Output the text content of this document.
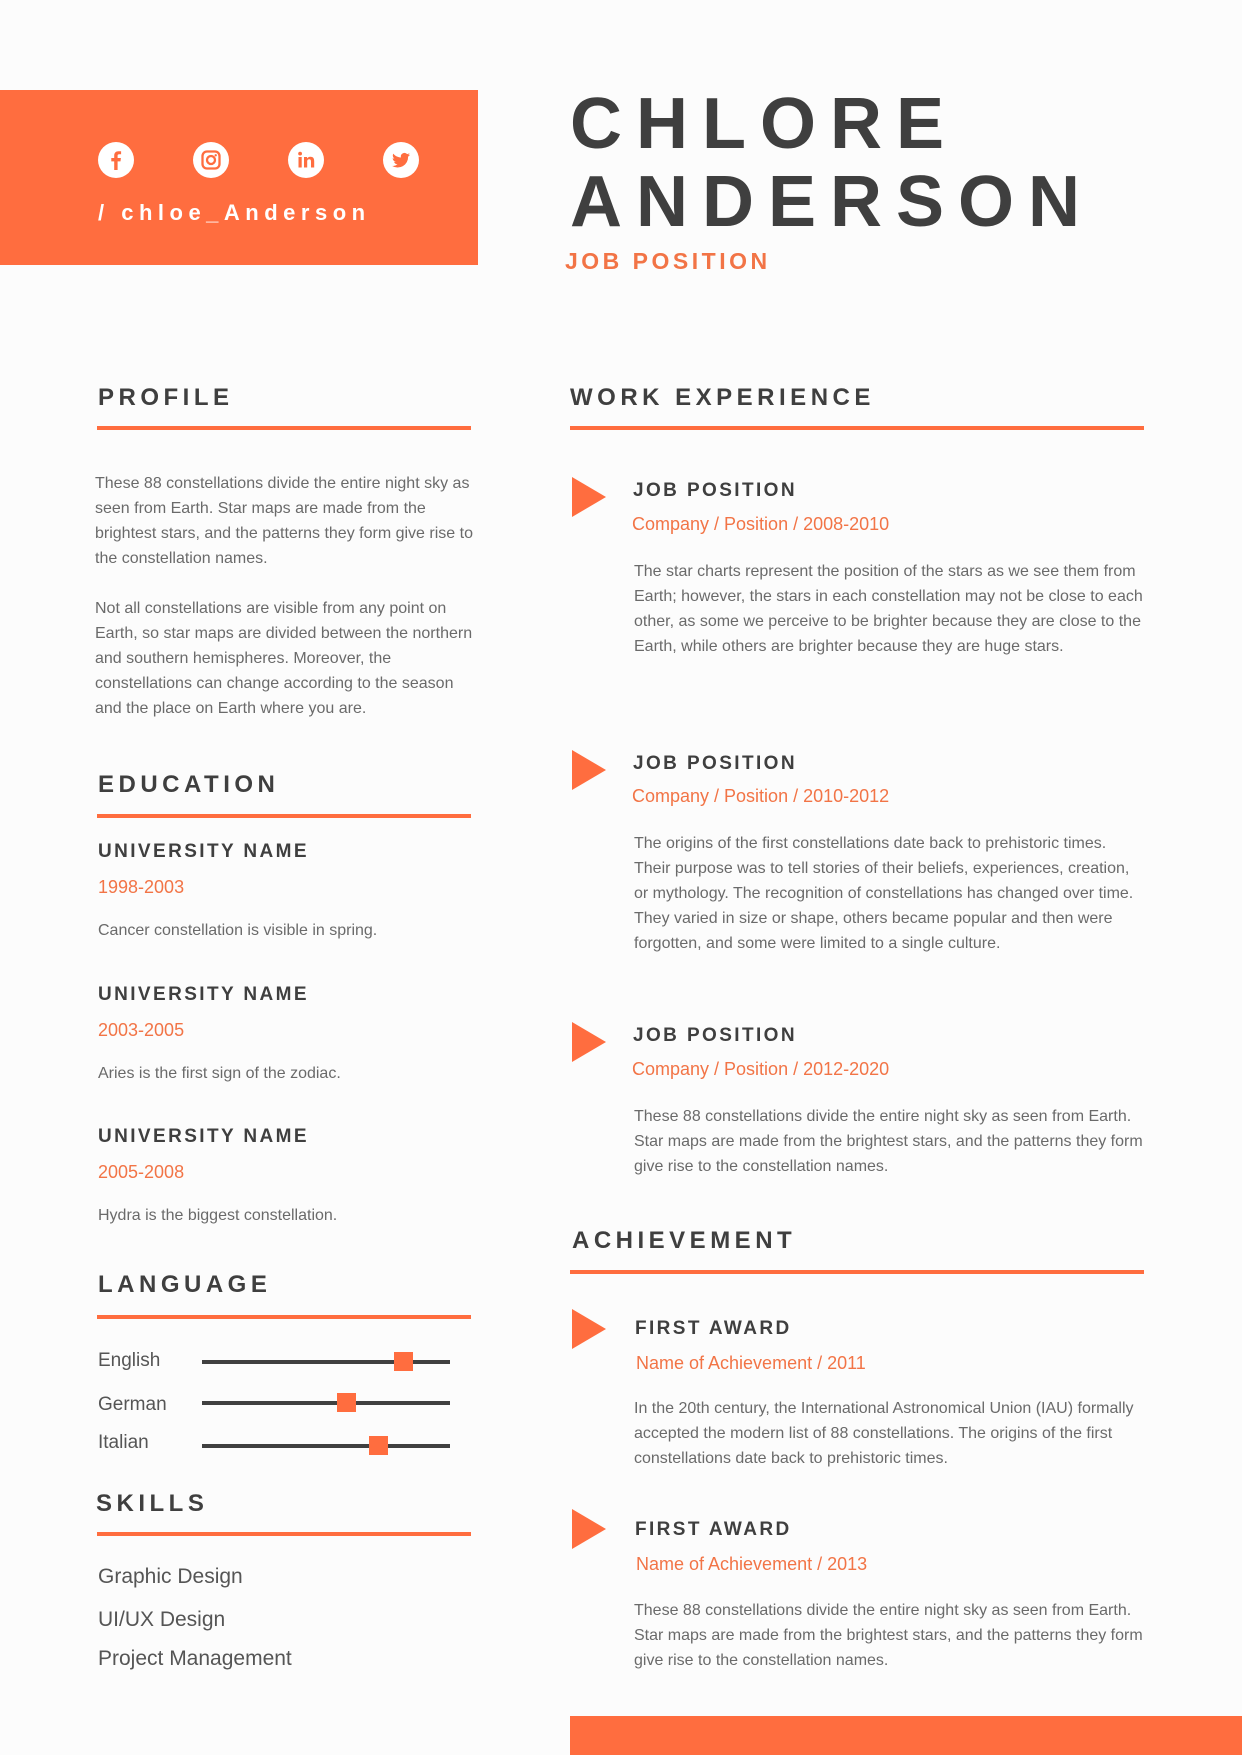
/ chloe_Anderson
CHLORE
ANDERSON
JOB POSITION
PROFILE
These 88 constellations divide the entire night sky as seen from Earth. Star maps are made from the brightest stars, and the patterns they form give rise to the constellation names.
Not all constellations are visible from any point on Earth, so star maps are divided between the northern and southern hemispheres. Moreover, the constellations can change according to the season and the place on Earth where you are.
EDUCATION
UNIVERSITY NAME
1998-2003
Cancer constellation is visible in spring.
UNIVERSITY NAME
2003-2005
Aries is the first sign of the zodiac.
UNIVERSITY NAME
2005-2008
Hydra is the biggest constellation.
LANGUAGE
English
German
Italian
SKILLS
Graphic Design
UI/UX Design
Project Management
WORK EXPERIENCE
JOB POSITION
Company / Position / 2008-2010
The star charts represent the position of the stars as we see them from Earth; however, the stars in each constellation may not be close to each other, as some we perceive to be brighter because they are close to the Earth, while others are brighter because they are huge stars.
JOB POSITION
Company / Position / 2010-2012
The origins of the first constellations date back to prehistoric times. Their purpose was to tell stories of their beliefs, experiences, creation, or mythology. The recognition of constellations has changed over time. They varied in size or shape, others became popular and then were forgotten, and some were limited to a single culture.
JOB POSITION
Company / Position / 2012-2020
These 88 constellations divide the entire night sky as seen from Earth. Star maps are made from the brightest stars, and the patterns they form give rise to the constellation names.
ACHIEVEMENT
FIRST AWARD
Name of Achievement / 2011
In the 20th century, the International Astronomical Union (IAU) formally accepted the modern list of 88 constellations. The origins of the first constellations date back to prehistoric times.
FIRST AWARD
Name of Achievement / 2013
These 88 constellations divide the entire night sky as seen from Earth. Star maps are made from the brightest stars, and the patterns they form give rise to the constellation names.
